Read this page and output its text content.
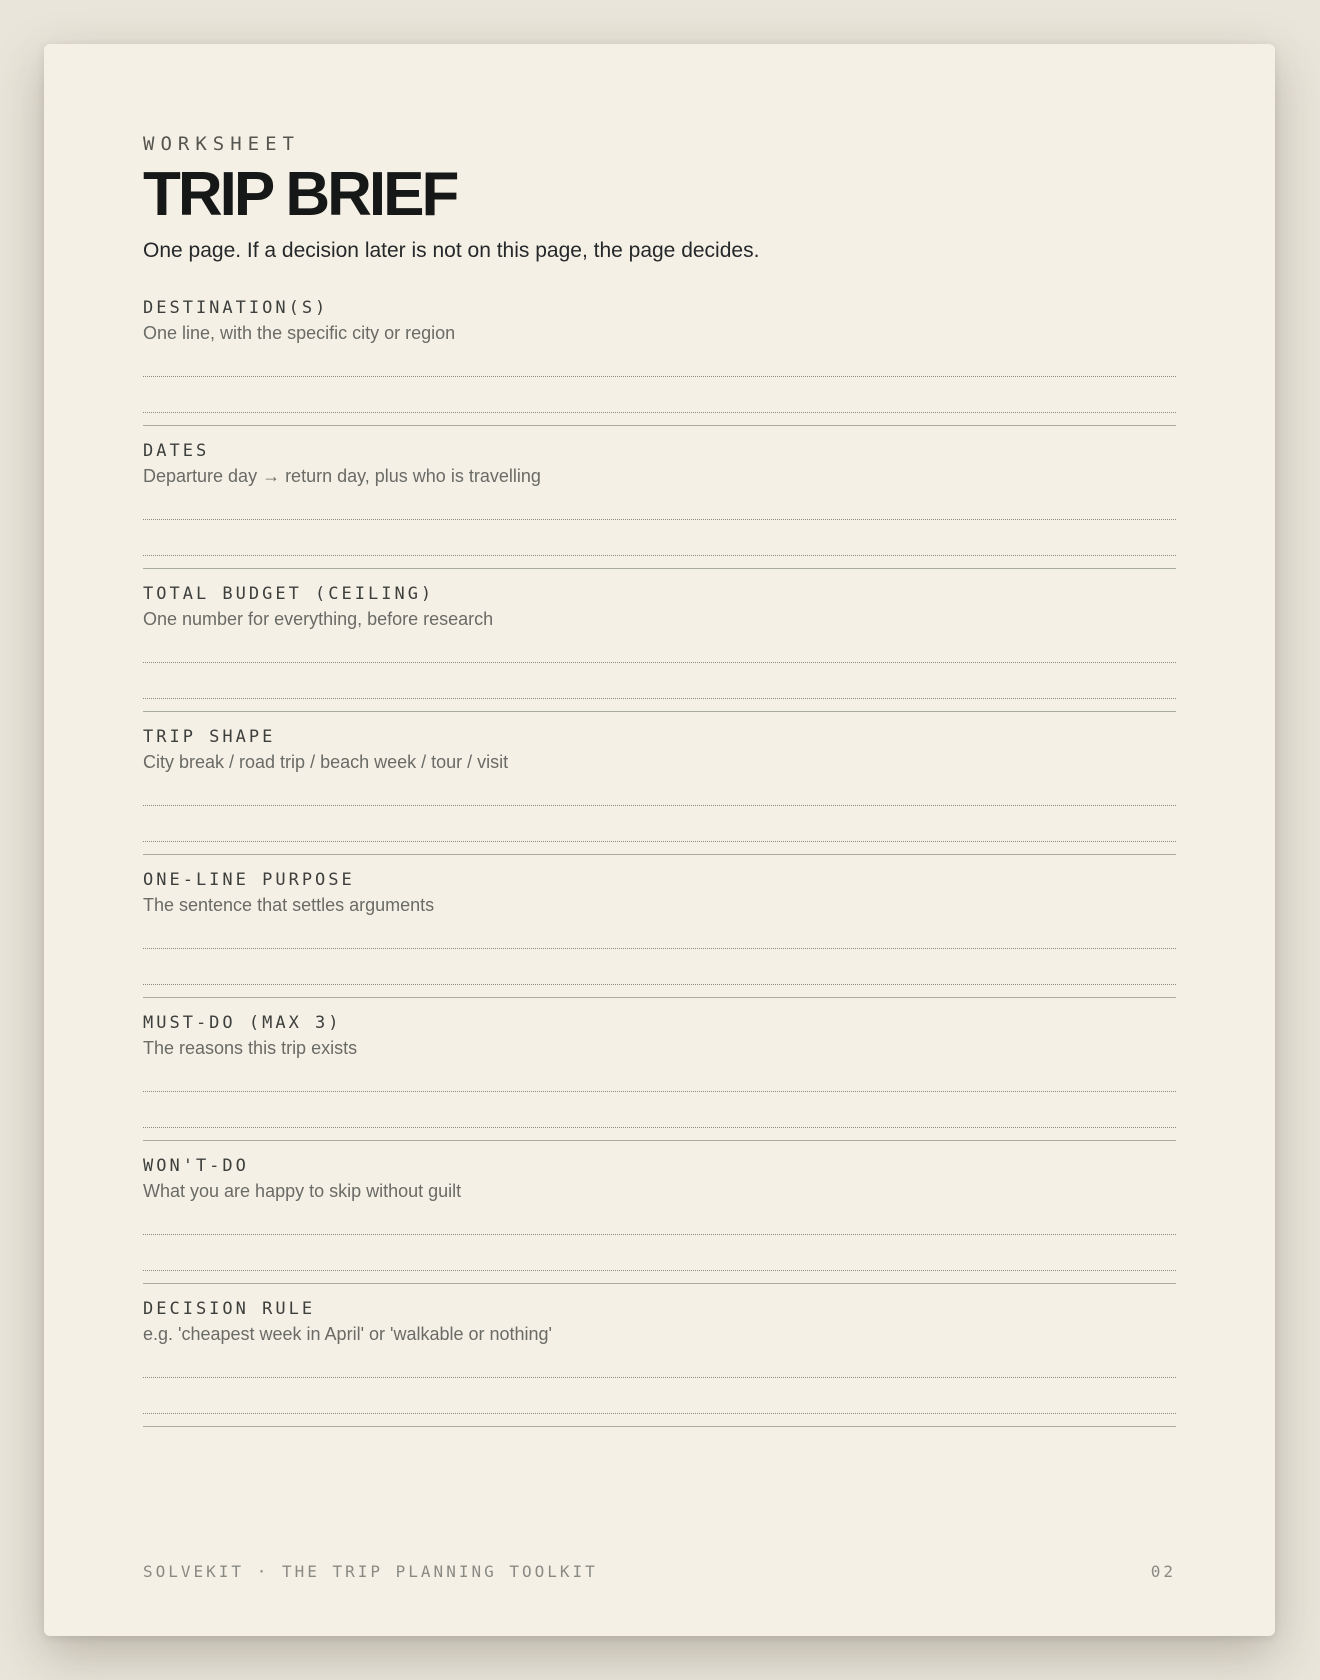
WORKSHEET

TRIP BRIEF

One page. If a decision later is not on this page, the page decides.

DESTINATION(S)

One line, with the specific city or region

DATES

Departure day → return day, plus who is travelling

TOTAL BUDGET (CEILING)

One number for everything, before research

TRIP SHAPE

City break / road trip / beach week / tour / visit

ONE-LINE PURPOSE

The sentence that settles arguments

MUST-DO (MAX 3)

The reasons this trip exists

WON'T-DO

What you are happy to skip without guilt

DECISION RULE

e.g. 'cheapest week in April' or 'walkable or nothing'

SOLVEKIT · THE TRIP PLANNING TOOLKIT	02
